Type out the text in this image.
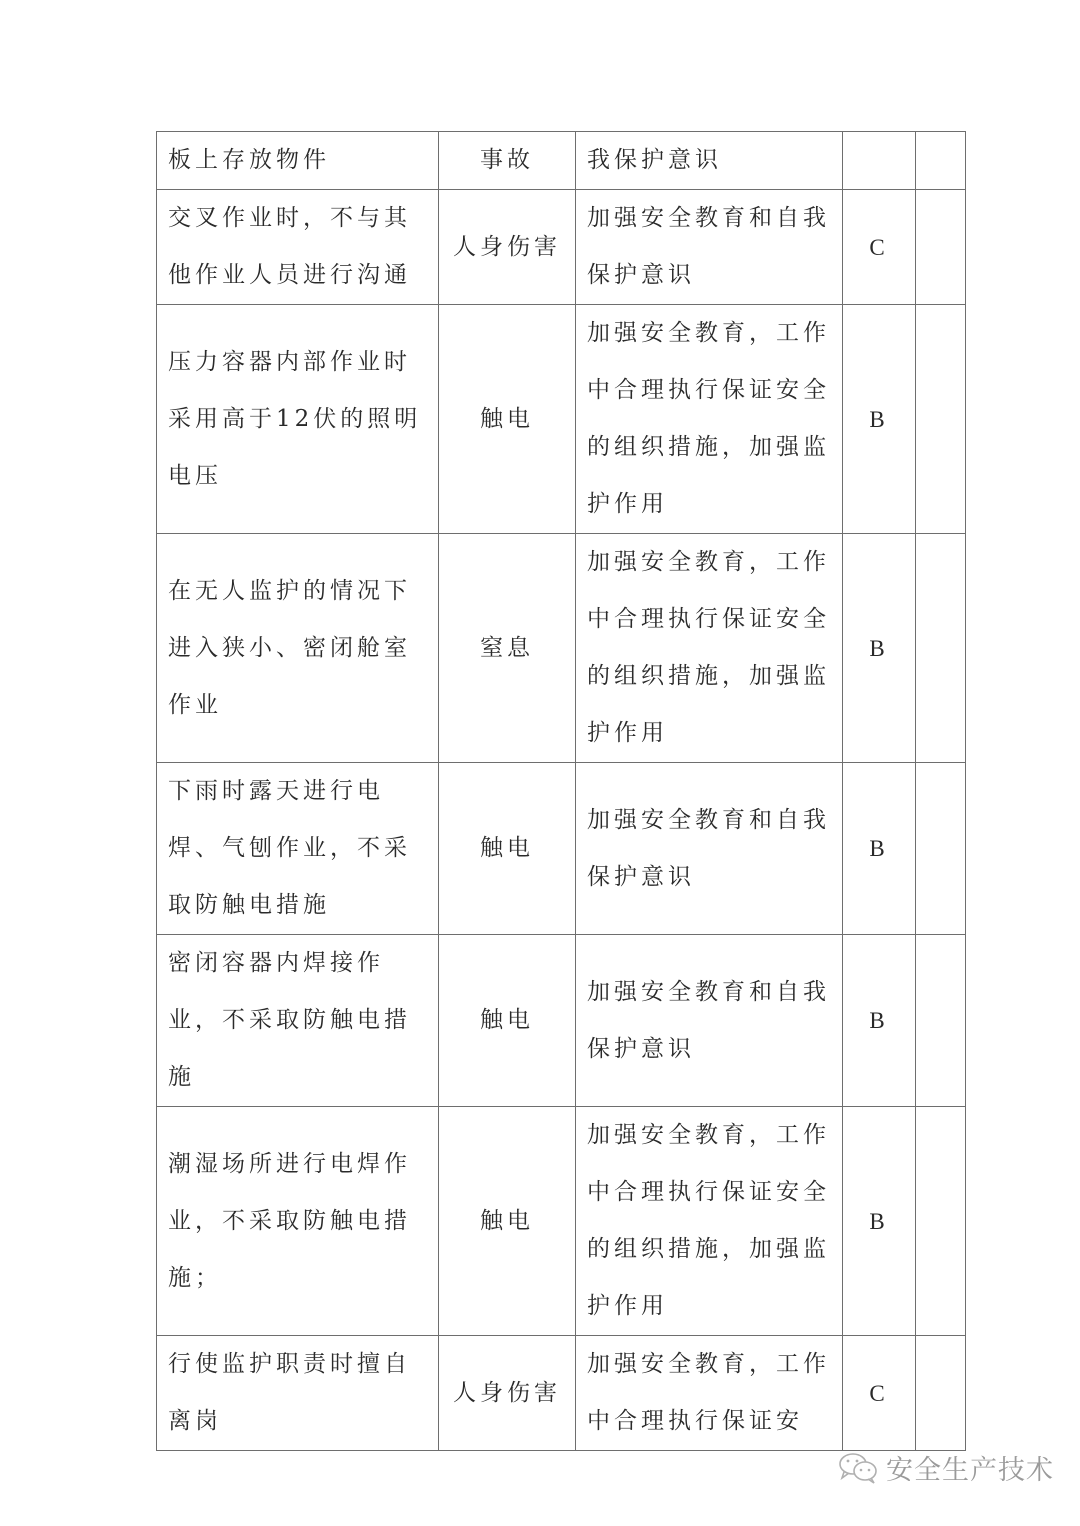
板上存放物件	事故	我保护意识		

交叉作业时，不与其他作业人员进行沟通	人身伤害	加强安全教育和自我保护意识	C	

压力容器内部作业时采用高于12伏的照明电压	触电	加强安全教育，工作中合理执行保证安全的组织措施，加强监护作用	B	

在无人监护的情况下进入狭小、密闭舱室作业	窒息	加强安全教育，工作中合理执行保证安全的组织措施，加强监护作用	B	

下雨时露天进行电焊、气刨作业，不采取防触电措施	触电	加强安全教育和自我保护意识	B	

密闭容器内焊接作业，不采取防触电措施	触电	加强安全教育和自我保护意识	B	

潮湿场所进行电焊作业，不采取防触电措施；	触电	加强安全教育，工作中合理执行保证安全的组织措施，加强监护作用	B	

行使监护职责时擅自离岗	人身伤害	加强安全教育，工作中合理执行保证安	C	
安全生产技术
